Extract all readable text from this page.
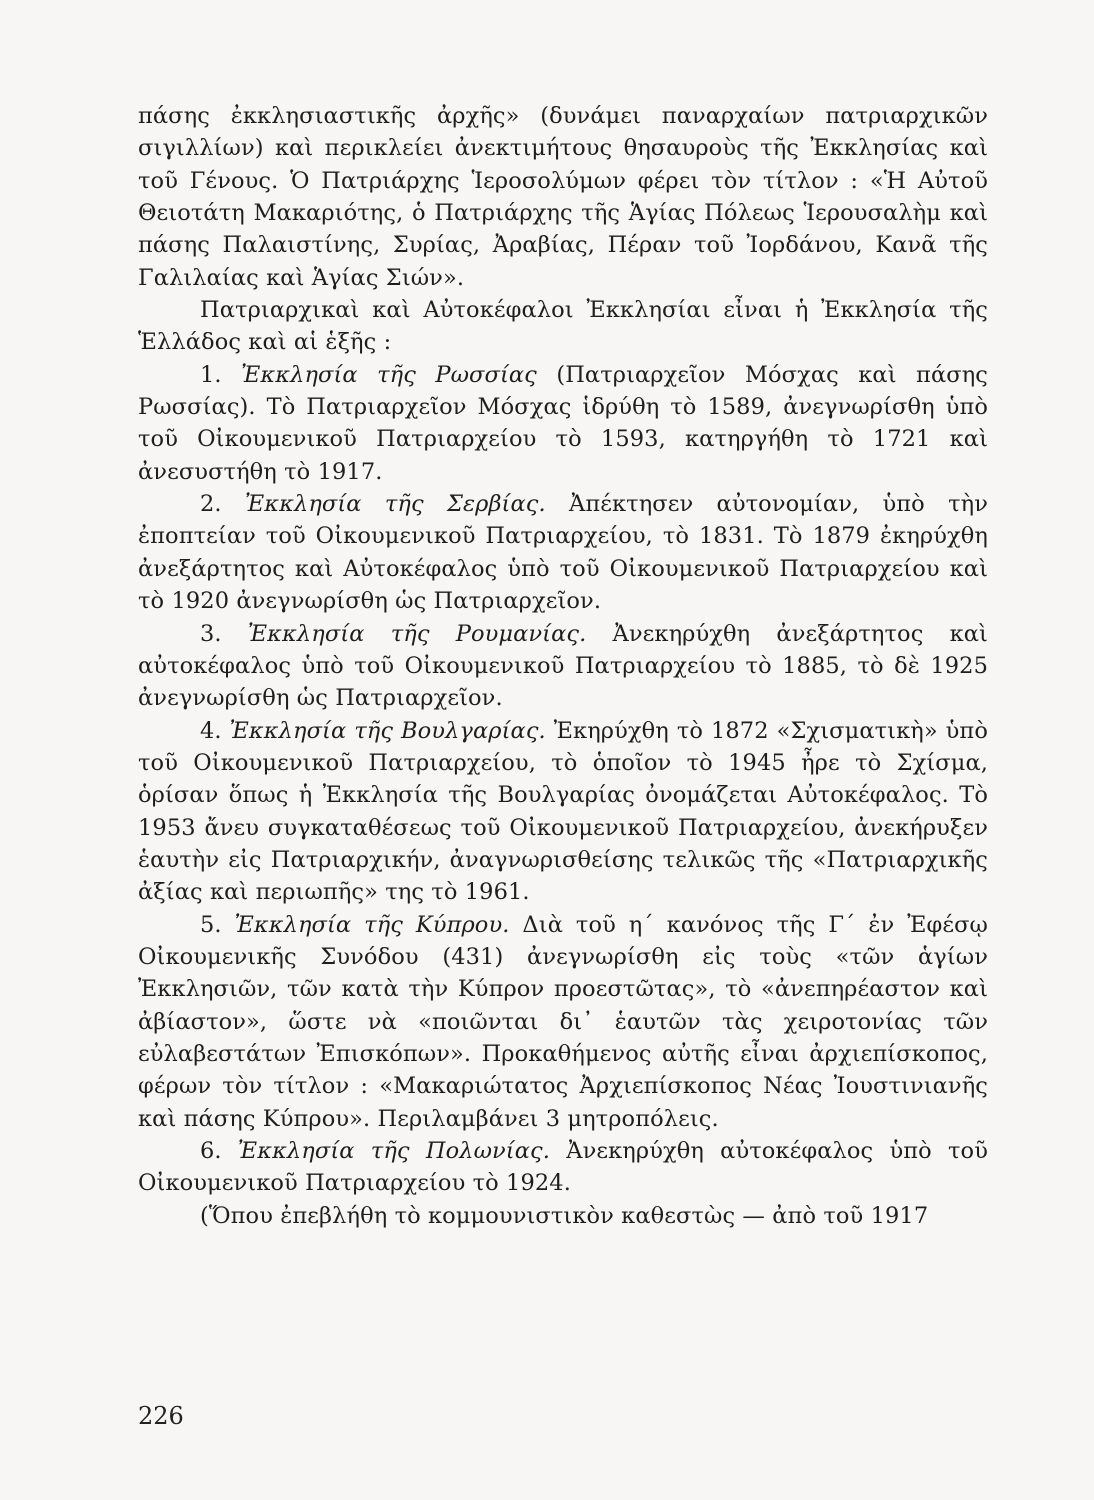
πάσης ἐκκλησιαστικῆς ἀρχῆς» (δυνάμει παναρχαίων πατριαρχικῶν σιγιλλίων) καὶ περικλείει ἀνεκτιμήτους θησαυροὺς τῆς Ἐκκλησίας καὶ τοῦ Γένους. Ὁ Πατριάρχης Ἱεροσολύμων φέρει τὸν τίτλον : «Ἡ Αὐτοῦ Θειοτάτη Μακαριότης, ὁ Πατριάρχης τῆς Ἁγίας Πόλεως Ἱερουσαλὴμ καὶ πάσης Παλαιστίνης, Συρίας, Ἀραβίας, Πέραν τοῦ Ἰορδάνου, Κανᾶ τῆς Γαλιλαίας καὶ Ἁγίας Σιών».

Πατριαρχικαὶ καὶ Αὐτοκέφαλοι Ἐκκλησίαι εἶναι ἡ Ἐκκλησία τῆς Ἑλλάδος καὶ αἱ ἑξῆς :

1. Ἐκκλησία τῆς Ρωσσίας (Πατριαρχεῖον Μόσχας καὶ πάσης Ρωσσίας). Τὸ Πατριαρχεῖον Μόσχας ἱδρύθη τὸ 1589, ἀνεγνωρίσθη ὑπὸ τοῦ Οἰκουμενικοῦ Πατριαρχείου τὸ 1593, κατηργήθη τὸ 1721 καὶ ἀνεσυστήθη τὸ 1917.

2. Ἐκκλησία τῆς Σερβίας. Ἀπέκτησεν αὐτονομίαν, ὑπὸ τὴν ἐποπτείαν τοῦ Οἰκουμενικοῦ Πατριαρχείου, τὸ 1831. Τὸ 1879 ἐκηρύχθη ἀνεξάρτητος καὶ Αὐτοκέφαλος ὑπὸ τοῦ Οἰκουμενικοῦ Πατριαρχείου καὶ τὸ 1920 ἀνεγνωρίσθη ὡς Πατριαρχεῖον.

3. Ἐκκλησία τῆς Ρουμανίας. Ἀνεκηρύχθη ἀνεξάρτητος καὶ αὐτοκέφαλος ὑπὸ τοῦ Οἰκουμενικοῦ Πατριαρχείου τὸ 1885, τὸ δὲ 1925 ἀνεγνωρίσθη ὡς Πατριαρχεῖον.

4. Ἐκκλησία τῆς Βουλγαρίας. Ἐκηρύχθη τὸ 1872 «Σχισματικὴ» ὑπὸ τοῦ Οἰκουμενικοῦ Πατριαρχείου, τὸ ὁποῖον τὸ 1945 ἦρε τὸ Σχίσμα, ὁρίσαν ὅπως ἡ Ἐκκλησία τῆς Βουλγαρίας ὀνομάζεται Αὐτοκέφαλος. Τὸ 1953 ἄνευ συγκαταθέσεως τοῦ Οἰκουμενικοῦ Πατριαρχείου, ἀνεκήρυξεν ἑαυτὴν εἰς Πατριαρχικήν, ἀναγνωρισθείσης τελικῶς τῆς «Πατριαρχικῆς ἀξίας καὶ περιωπῆς» της τὸ 1961.

5. Ἐκκλησία τῆς Κύπρου. Διὰ τοῦ η΄ κανόνος τῆς Γ΄ ἐν Ἐφέσῳ Οἰκουμενικῆς Συνόδου (431) ἀνεγνωρίσθη εἰς τοὺς «τῶν ἁγίων Ἐκκλησιῶν, τῶν κατὰ τὴν Κύπρον προεστῶτας», τὸ «ἀνεπηρέαστον καὶ ἀβίαστον», ὥστε νὰ «ποιῶνται δι᾽ ἑαυτῶν τὰς χειροτονίας τῶν εὐλαβεστάτων Ἐπισκόπων». Προκαθήμενος αὐτῆς εἶναι ἀρχιεπίσκοπος, φέρων τὸν τίτλον : «Μακαριώτατος Ἀρχιεπίσκοπος Νέας Ἰουστινιανῆς καὶ πάσης Κύπρου». Περιλαμβάνει 3 μητροπόλεις.

6. Ἐκκλησία τῆς Πολωνίας. Ἀνεκηρύχθη αὐτοκέφαλος ὑπὸ τοῦ Οἰκουμενικοῦ Πατριαρχείου τὸ 1924.

(Ὅπου ἐπεβλήθη τὸ κομμουνιστικὸν καθεστὼς — ἀπὸ τοῦ 1917

226
